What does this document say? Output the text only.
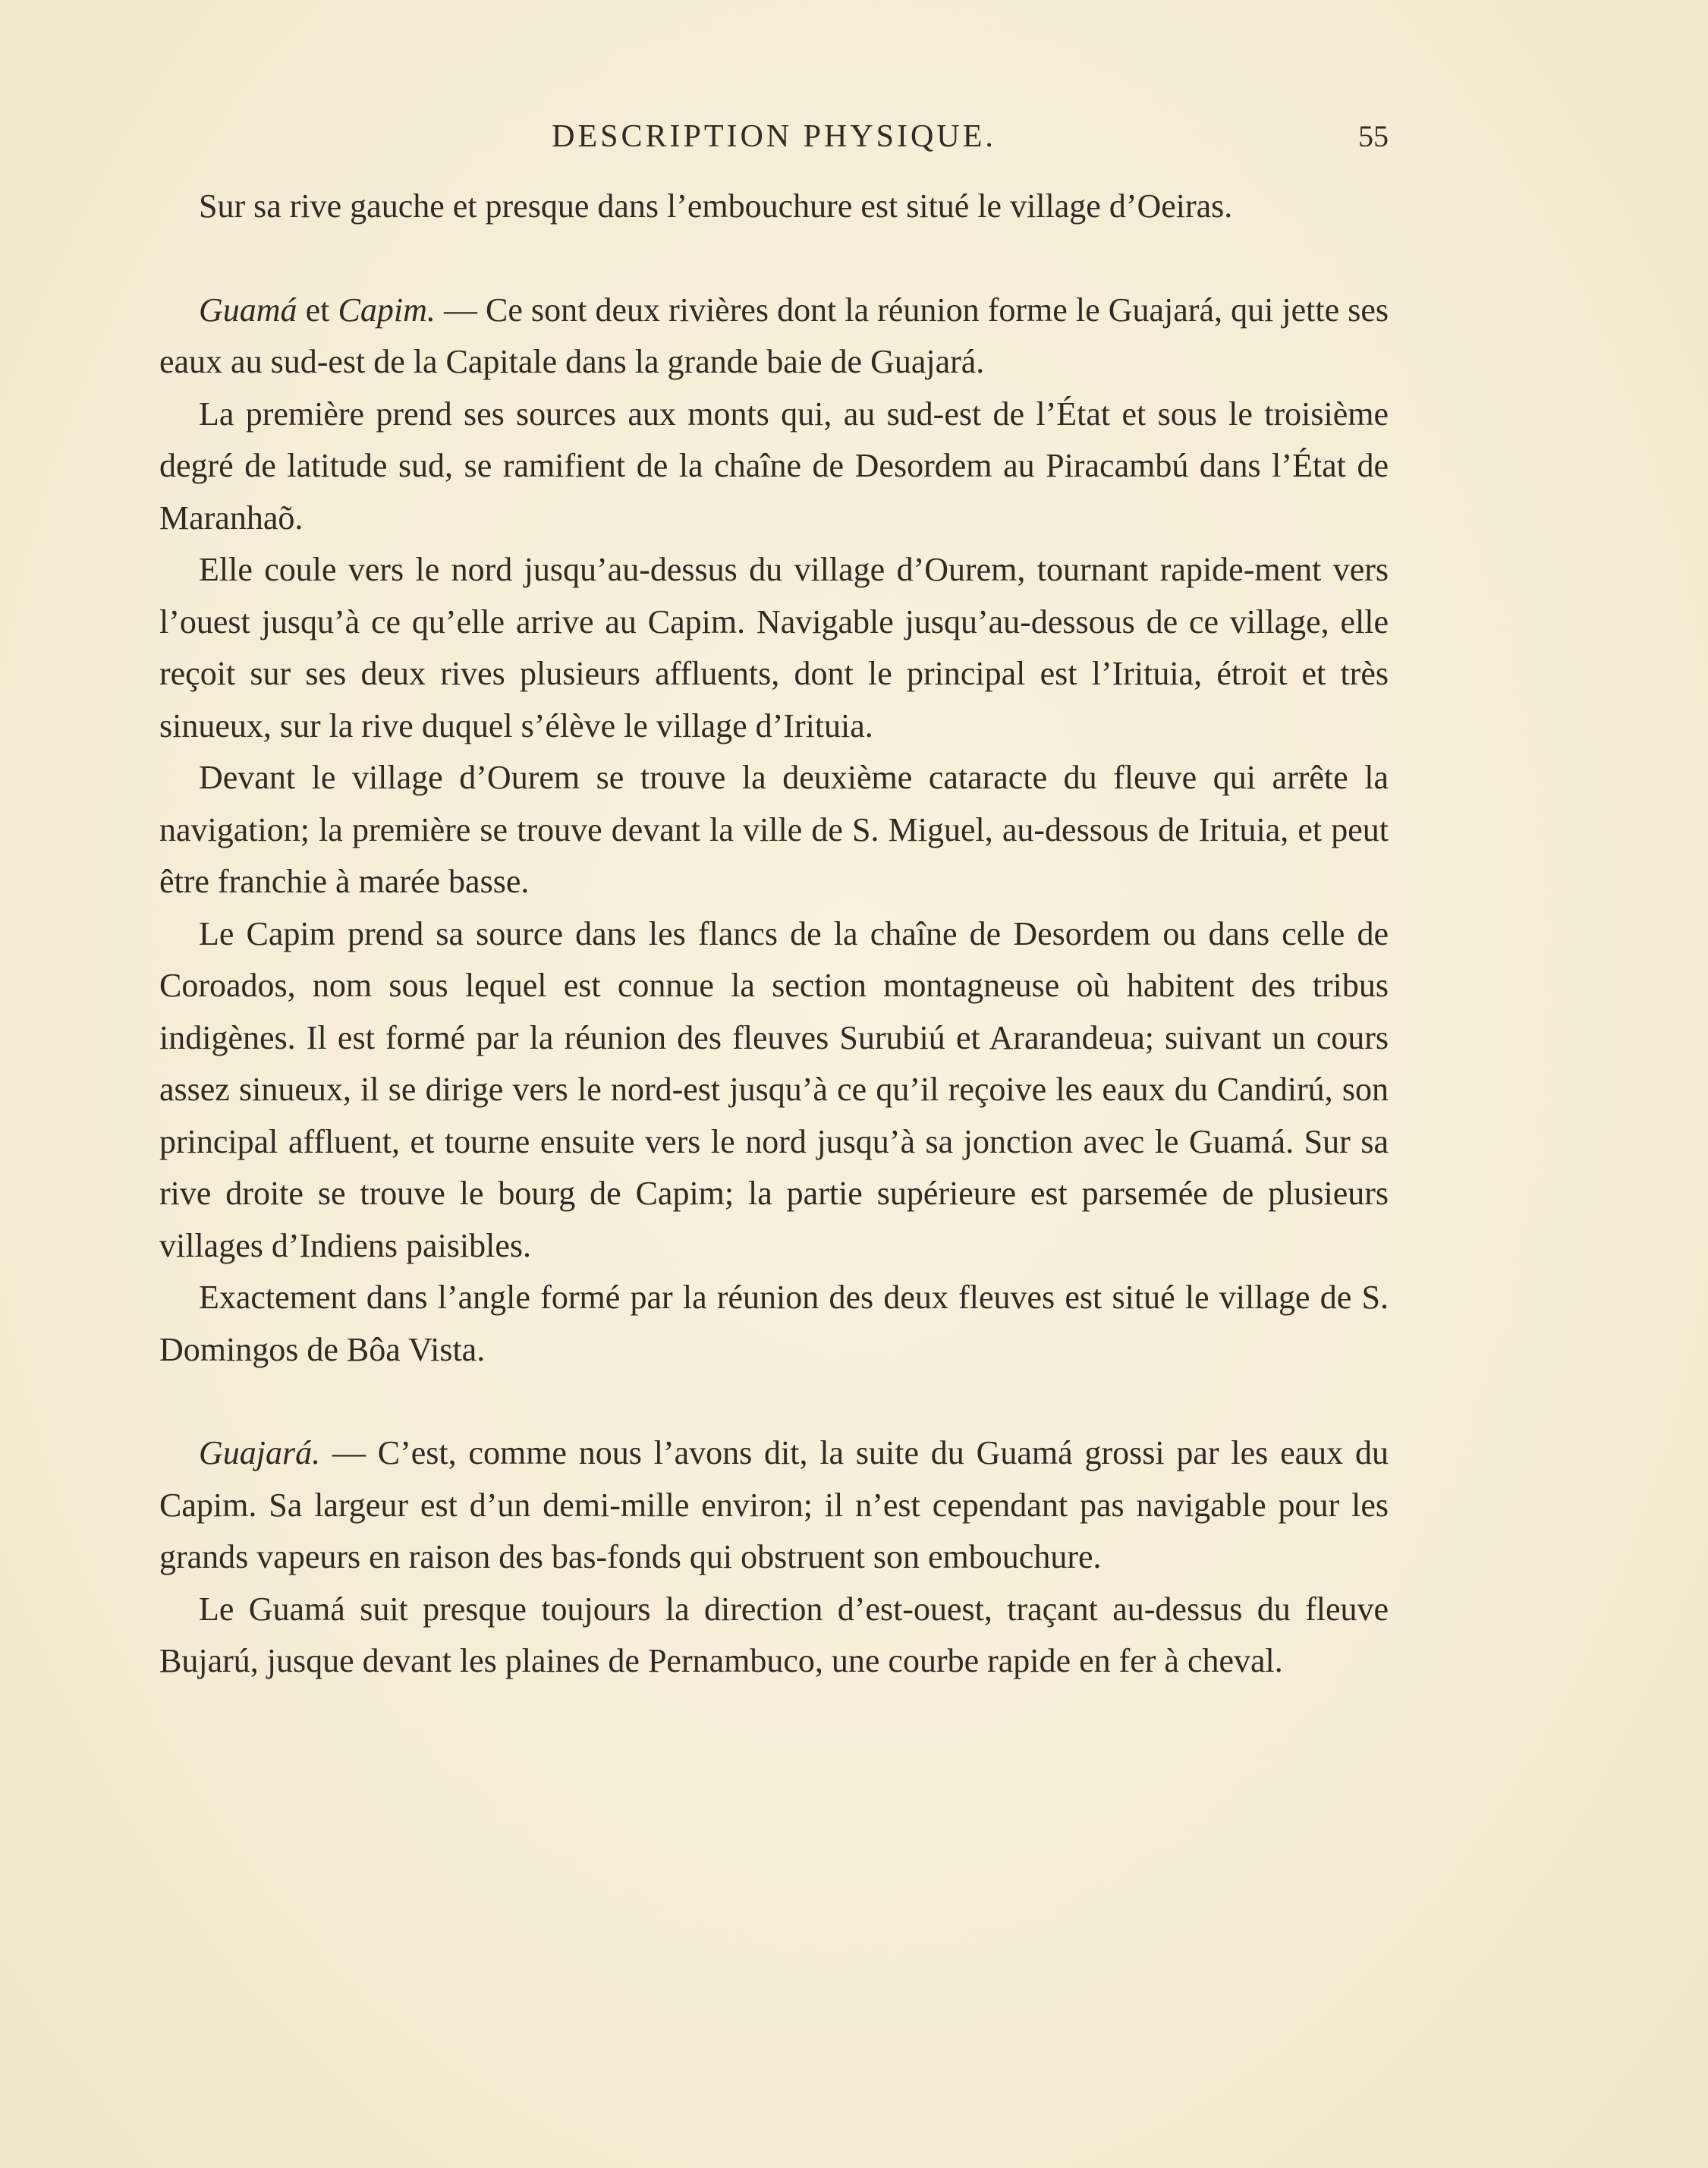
DESCRIPTION PHYSIQUE.	55

Sur sa rive gauche et presque dans l’embouchure est situé le village d’Oeiras.

Guamá et Capim. — Ce sont deux rivières dont la réunion forme le Guajará, qui jette ses eaux au sud-est de la Capitale dans la grande baie de Guajará.

La première prend ses sources aux monts qui, au sud-est de l’État et sous le troisième degré de latitude sud, se ramifient de la chaîne de Desordem au Piracambú dans l’État de Maranhaõ.

Elle coule vers le nord jusqu’au-dessus du village d’Ourem, tournant rapide-ment vers l’ouest jusqu’à ce qu’elle arrive au Capim. Navigable jusqu’au-dessous de ce village, elle reçoit sur ses deux rives plusieurs affluents, dont le principal est l’Irituia, étroit et très sinueux, sur la rive duquel s’élève le village d’Irituia.

Devant le village d’Ourem se trouve la deuxième cataracte du fleuve qui arrête la navigation; la première se trouve devant la ville de S. Miguel, au-dessous de Irituia, et peut être franchie à marée basse.

Le Capim prend sa source dans les flancs de la chaîne de Desordem ou dans celle de Coroados, nom sous lequel est connue la section montagneuse où habitent des tribus indigènes. Il est formé par la réunion des fleuves Surubiú et Ararandeua; suivant un cours assez sinueux, il se dirige vers le nord-est jusqu’à ce qu’il reçoive les eaux du Candirú, son principal affluent, et tourne ensuite vers le nord jusqu’à sa jonction avec le Guamá. Sur sa rive droite se trouve le bourg de Capim; la partie supérieure est parsemée de plusieurs villages d’Indiens paisibles.

Exactement dans l’angle formé par la réunion des deux fleuves est situé le village de S. Domingos de Bôa Vista.

Guajará. — C’est, comme nous l’avons dit, la suite du Guamá grossi par les eaux du Capim. Sa largeur est d’un demi-mille environ; il n’est cependant pas navigable pour les grands vapeurs en raison des bas-fonds qui obstruent son embouchure.

Le Guamá suit presque toujours la direction d’est-ouest, traçant au-dessus du fleuve Bujarú, jusque devant les plaines de Pernambuco, une courbe rapide en fer à cheval.
